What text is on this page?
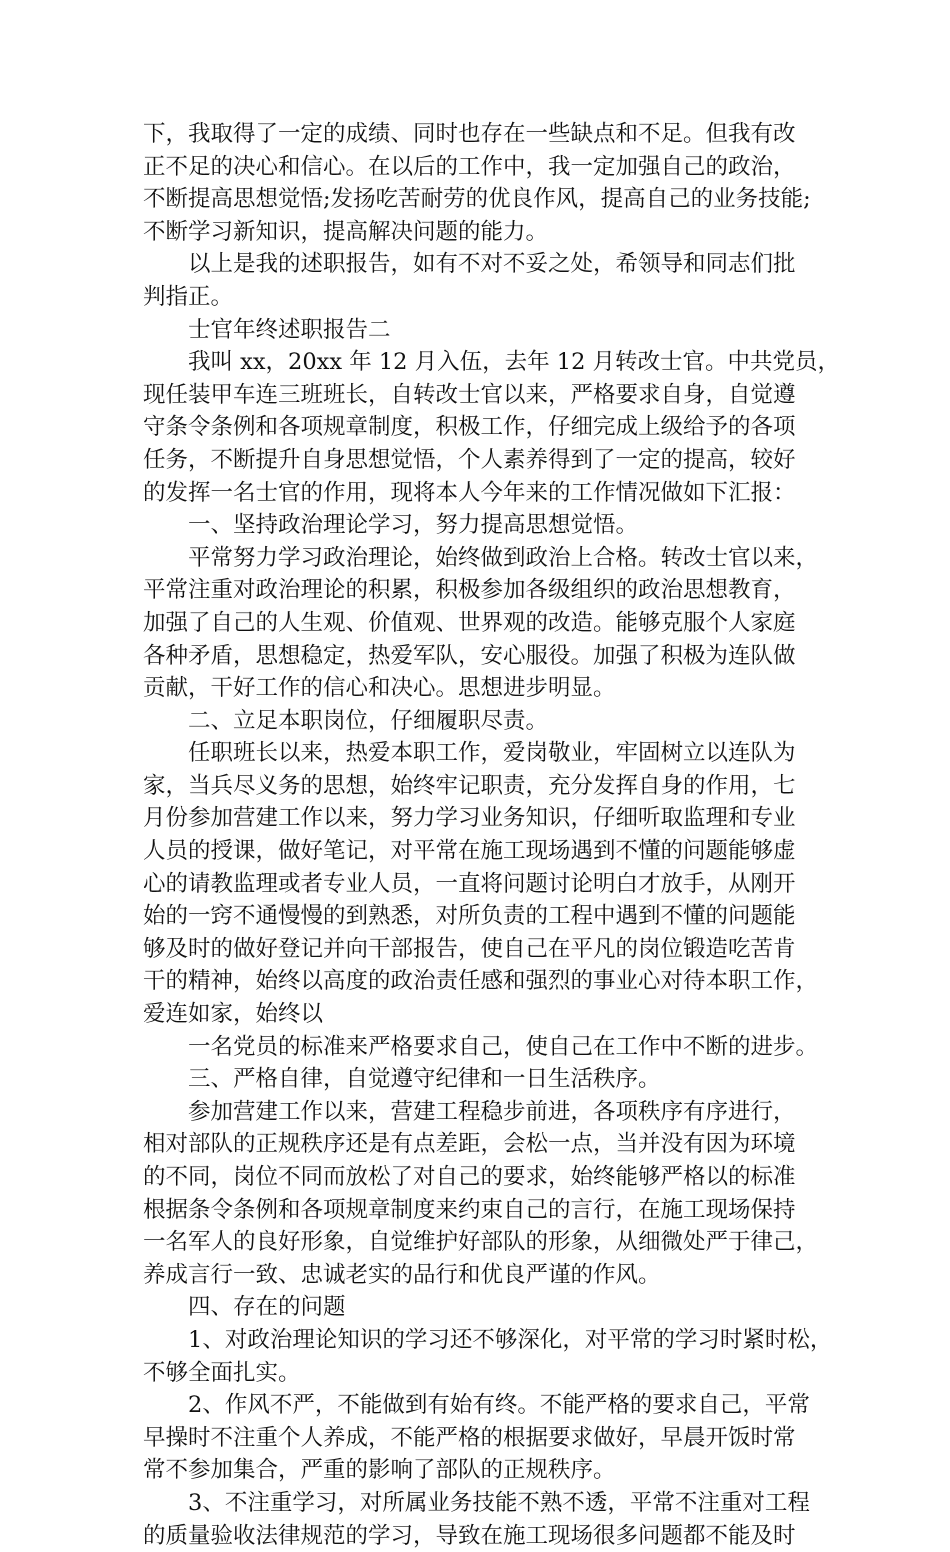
下，我取得了一定的成绩、同时也存在一些缺点和不足。但我有改
正不足的决心和信心。在以后的工作中，我一定加强自己的政治，
不断提高思想觉悟;发扬吃苦耐劳的优良作风，提高自己的业务技能;
不断学习新知识，提高解决问题的能力。
以上是我的述职报告，如有不对不妥之处，希领导和同志们批
判指正。
士官年终述职报告二
我叫 xx，20xx 年 12 月入伍，去年 12 月转改士官。中共党员，
现任装甲车连三班班长，自转改士官以来，严格要求自身，自觉遵
守条令条例和各项规章制度，积极工作，仔细完成上级给予的各项
任务，不断提升自身思想觉悟，个人素养得到了一定的提高，较好
的发挥一名士官的作用，现将本人今年来的工作情况做如下汇报：
一、坚持政治理论学习，努力提高思想觉悟。
平常努力学习政治理论，始终做到政治上合格。转改士官以来，
平常注重对政治理论的积累，积极参加各级组织的政治思想教育，
加强了自己的人生观、价值观、世界观的改造。能够克服个人家庭
各种矛盾，思想稳定，热爱军队，安心服役。加强了积极为连队做
贡献，干好工作的信心和决心。思想进步明显。
二、立足本职岗位，仔细履职尽责。
任职班长以来，热爱本职工作，爱岗敬业，牢固树立以连队为
家，当兵尽义务的思想，始终牢记职责，充分发挥自身的作用，七
月份参加营建工作以来，努力学习业务知识，仔细听取监理和专业
人员的授课，做好笔记，对平常在施工现场遇到不懂的问题能够虚
心的请教监理或者专业人员，一直将问题讨论明白才放手，从刚开
始的一窍不通慢慢的到熟悉，对所负责的工程中遇到不懂的问题能
够及时的做好登记并向干部报告，使自己在平凡的岗位锻造吃苦肯
干的精神，始终以高度的政治责任感和强烈的事业心对待本职工作，
爱连如家，始终以
一名党员的标准来严格要求自己，使自己在工作中不断的进步。
三、严格自律，自觉遵守纪律和一日生活秩序。
参加营建工作以来，营建工程稳步前进，各项秩序有序进行，
相对部队的正规秩序还是有点差距，会松一点，当并没有因为环境
的不同，岗位不同而放松了对自己的要求，始终能够严格以的标准
根据条令条例和各项规章制度来约束自己的言行，在施工现场保持
一名军人的良好形象，自觉维护好部队的形象，从细微处严于律己，
养成言行一致、忠诚老实的品行和优良严谨的作风。
四、存在的问题
1、对政治理论知识的学习还不够深化，对平常的学习时紧时松，
不够全面扎实。
2、作风不严，不能做到有始有终。不能严格的要求自己，平常
早操时不注重个人养成，不能严格的根据要求做好，早晨开饭时常
常不参加集合，严重的影响了部队的正规秩序。
3、不注重学习，对所属业务技能不熟不透，平常不注重对工程
的质量验收法律规范的学习，导致在施工现场很多问题都不能及时
